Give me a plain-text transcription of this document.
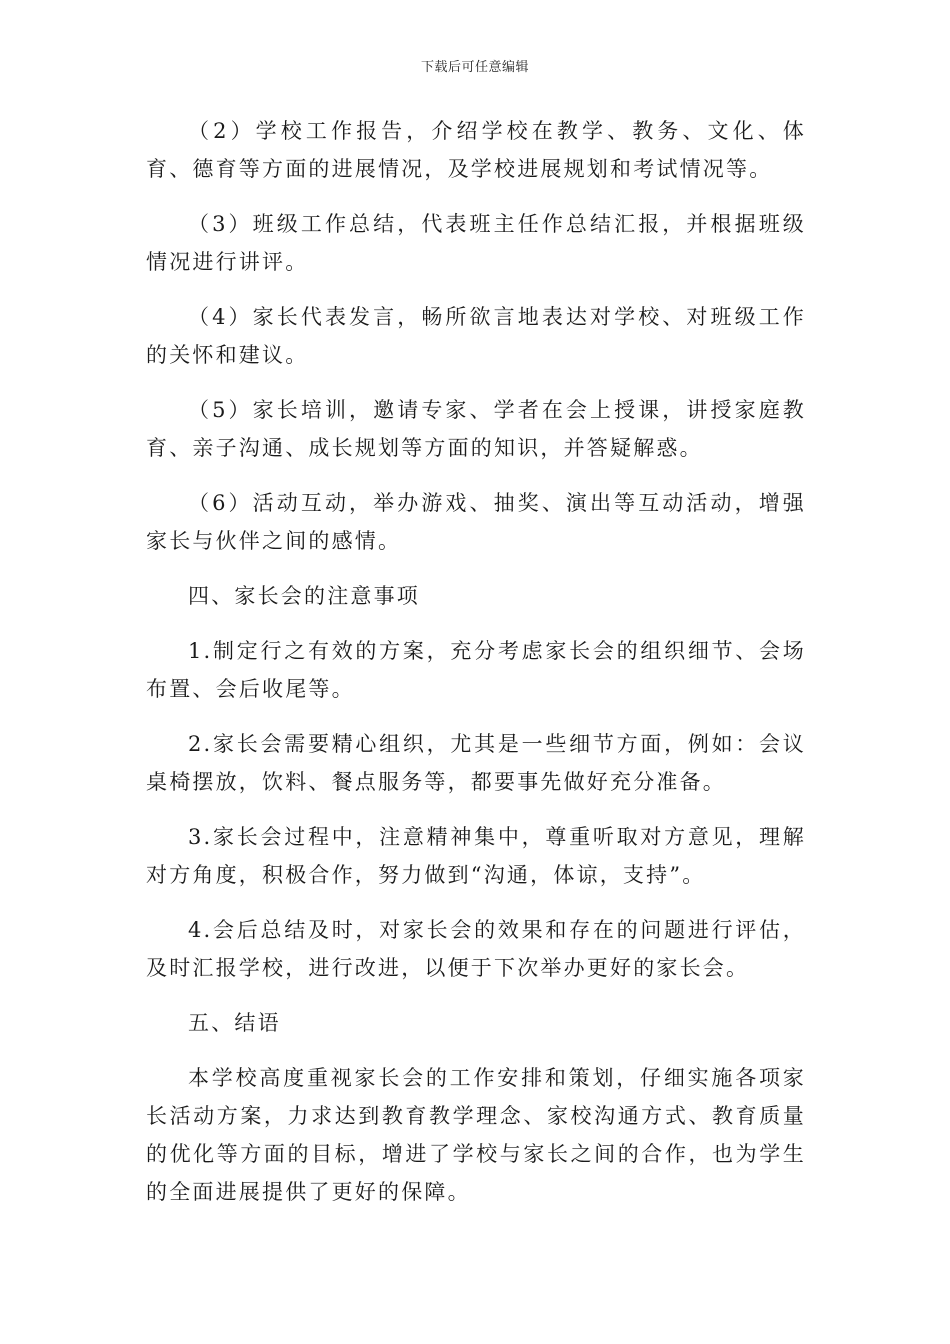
下载后可任意编辑

（2）学校工作报告，介绍学校在教学、教务、文化、体育、德育等方面的进展情况，及学校进展规划和考试情况等。

（3）班级工作总结，代表班主任作总结汇报，并根据班级情况进行讲评。

（4）家长代表发言，畅所欲言地表达对学校、对班级工作的关怀和建议。

（5）家长培训，邀请专家、学者在会上授课，讲授家庭教育、亲子沟通、成长规划等方面的知识，并答疑解惑。

（6）活动互动，举办游戏、抽奖、演出等互动活动，增强家长与伙伴之间的感情。

四、家长会的注意事项

1.制定行之有效的方案，充分考虑家长会的组织细节、会场布置、会后收尾等。

2.家长会需要精心组织，尤其是一些细节方面，例如：会议桌椅摆放，饮料、餐点服务等，都要事先做好充分准备。

3.家长会过程中，注意精神集中，尊重听取对方意见，理解对方角度，积极合作，努力做到“沟通，体谅，支持”。

4.会后总结及时，对家长会的效果和存在的问题进行评估，及时汇报学校，进行改进，以便于下次举办更好的家长会。

五、结语

本学校高度重视家长会的工作安排和策划，仔细实施各项家长活动方案，力求达到教育教学理念、家校沟通方式、教育质量的优化等方面的目标，增进了学校与家长之间的合作，也为学生的全面进展提供了更好的保障。
